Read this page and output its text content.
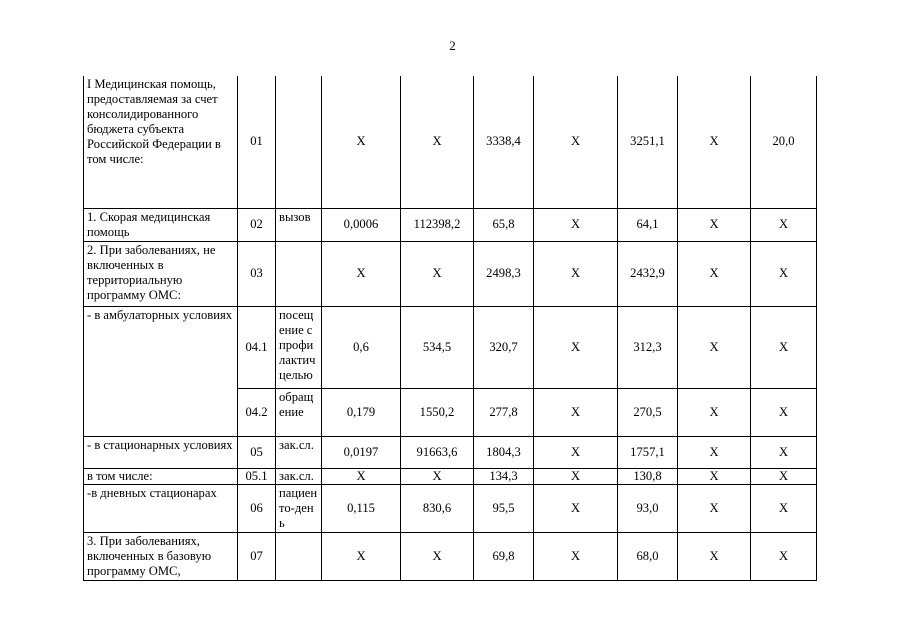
2
I Медицинская помощь, предоставляемая за счет консолидированного бюджета субъекта Российской Федерации в том числе:	01		Х	Х	3338,4	Х	3251,1	Х	20,0
1. Скорая медицинская помощь	02	вызов	0,0006	112398,2	65,8	Х	64,1	Х	Х
2. При заболеваниях, не включенных в территориальную программу ОМС:	03		Х	Х	2498,3	Х	2432,9	Х	Х
- в амбулаторных условиях	04.1	посещение с профилактичцелью	0,6	534,5	320,7	Х	312,3	Х	Х
	04.2	обращение	0,179	1550,2	277,8	Х	270,5	Х	Х
- в стационарных условиях	05	зак.сл.	0,0197	91663,6	1804,3	Х	1757,1	Х	Х
в том числе:	05.1	зак.сл.	Х	Х	134,3	Х	130,8	Х	Х
-в дневных стационарах	06	пациенто-день	0,115	830,6	95,5	Х	93,0	Х	Х
3. При заболеваниях, включенных в базовую программу ОМС,	07		Х	Х	69,8	Х	68,0	Х	Х
